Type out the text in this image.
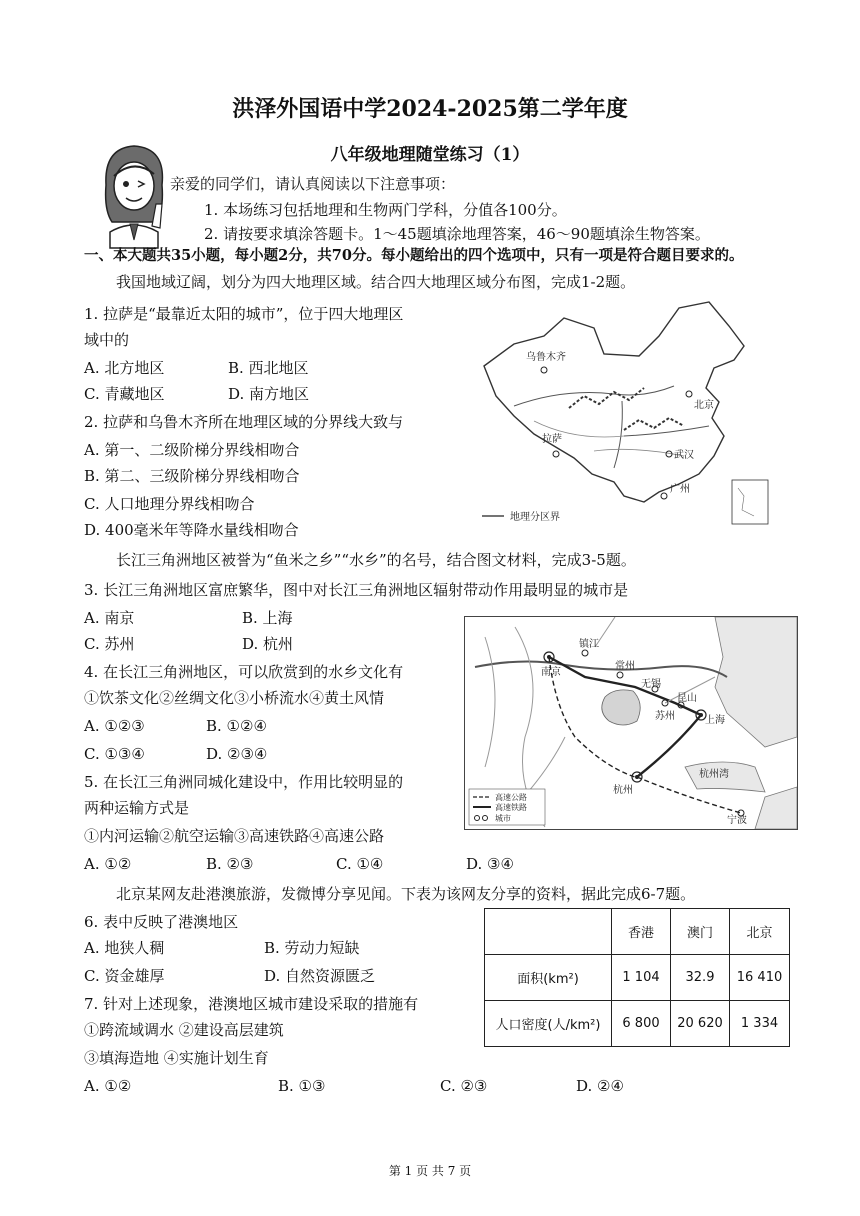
洪泽外国语中学2024-2025第二学年度
八年级地理随堂练习（1）
亲爱的同学们，请认真阅读以下注意事项：
1. 本场练习包括地理和生物两门学科，分值各100分。
2. 请按要求填涂答题卡。1～45题填涂地理答案，46～90题填涂生物答案。
一、本大题共35小题，每小题2分，共70分。每小题给出的四个选项中，只有一项是符合题目要求的。
我国地域辽阔，划分为四大地理区域。结合四大地理区域分布图，完成1-2题。
1. 拉萨是“最靠近太阳的城市”，位于四大地理区
域中的
A. 北方地区	B. 西北地区
C. 青藏地区	D. 南方地区
2. 拉萨和乌鲁木齐所在地理区域的分界线大致与
A. 第一、二级阶梯分界线相吻合
B. 第二、三级阶梯分界线相吻合
C. 人口地理分界线相吻合
D. 400毫米年等降水量线相吻合
乌鲁木齐
北京
拉萨
武汉
广州
地理分区界
长江三角洲地区被誉为“鱼米之乡”“水乡”的名号，结合图文材料，完成3-5题。
3. 长江三角洲地区富庶繁华，图中对长江三角洲地区辐射带动作用最明显的城市是
A. 南京	B. 上海
C. 苏州	D. 杭州
4. 在长江三角洲地区，可以欣赏到的水乡文化有
①饮茶文化②丝绸文化③小桥流水④黄土风情
A. ①②③	B. ①②④
C. ①③④	D. ②③④
5. 在长江三角洲同城化建设中，作用比较明显的
两种运输方式是
①内河运输②航空运输③高速铁路④高速公路
A. ①②	B. ②③	C. ①④	D. ③④
南京
镇江
常州
无锡
苏州
昆山
上海
杭州
宁波
杭州湾
高速公路
高速铁路
城市
北京某网友赴港澳旅游，发微博分享见闻。下表为该网友分享的资料，据此完成6-7题。
6. 表中反映了港澳地区
A. 地狭人稠	B. 劳动力短缺
C. 资金雄厚	D. 自然资源匮乏
7. 针对上述现象，港澳地区城市建设采取的措施有
①跨流域调水 ②建设高层建筑
③填海造地 ④实施计划生育
A. ①②	B. ①③	C. ②③	D. ②④
	香港	澳门	北京
面积(km²)	1 104	32.9	16 410
人口密度(人/km²)	6 800	20 620	1 334
第 1 页 共 7 页
